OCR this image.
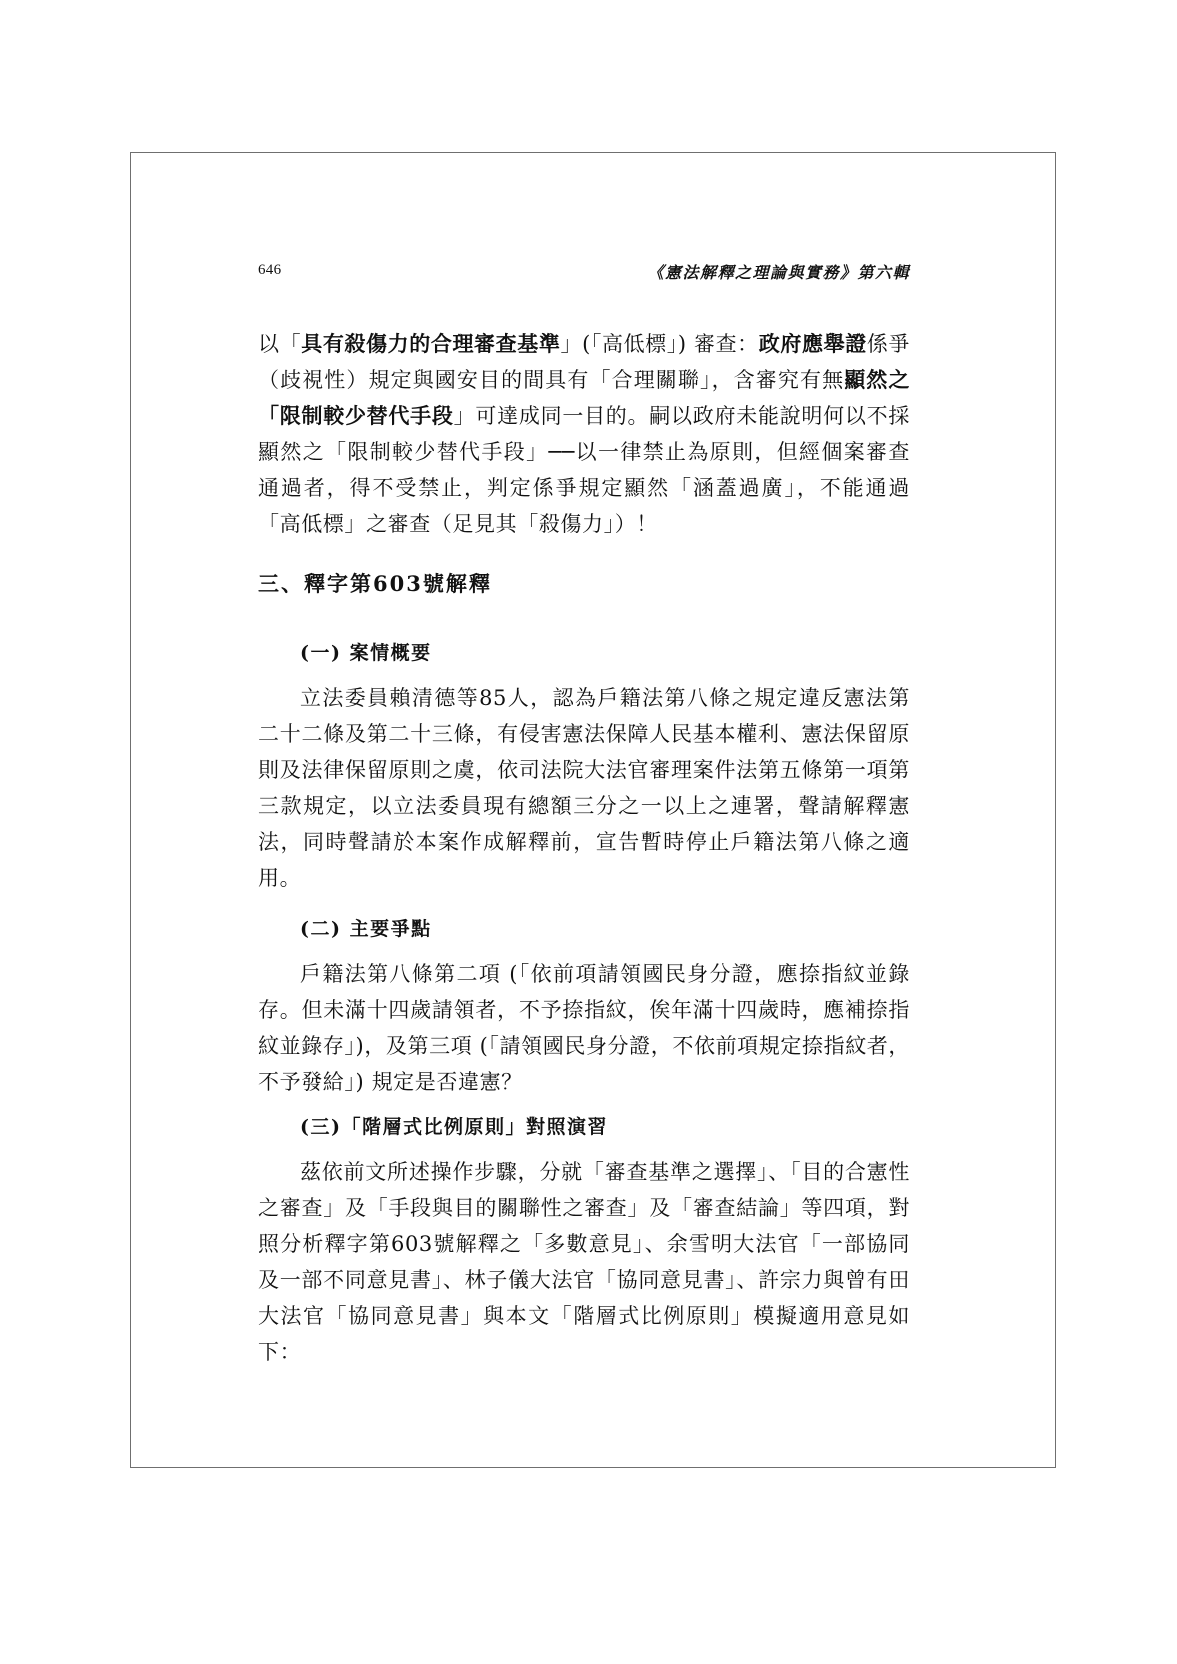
646	《憲法解釋之理論與實務》第六輯

以「具有殺傷力的合理審查基準」(「高低標」) 審查：政府應舉證係爭（歧視性）規定與國安目的間具有「合理關聯」，含審究有無顯然之「限制較少替代手段」可達成同一目的。嗣以政府未能說明何以不採顯然之「限制較少替代手段」──以一律禁止為原則，但經個案審查通過者，得不受禁止，判定係爭規定顯然「涵蓋過廣」，不能通過「高低標」之審查（足見其「殺傷力」）！

三、釋字第603號解釋
(一) 案情概要

立法委員賴清德等85人，認為戶籍法第八條之規定違反憲法第二十二條及第二十三條，有侵害憲法保障人民基本權利、憲法保留原則及法律保留原則之虞，依司法院大法官審理案件法第五條第一項第三款規定，以立法委員現有總額三分之一以上之連署，聲請解釋憲法，同時聲請於本案作成解釋前，宣告暫時停止戶籍法第八條之適用。

(二) 主要爭點

戶籍法第八條第二項 (「依前項請領國民身分證，應捺指紋並錄存。但未滿十四歲請領者，不予捺指紋，俟年滿十四歲時，應補捺指紋並錄存」)，及第三項 (「請領國民身分證，不依前項規定捺指紋者，不予發給」) 規定是否違憲？

(三)「階層式比例原則」對照演習

茲依前文所述操作步驟，分就「審查基準之選擇」、「目的合憲性之審查」及「手段與目的關聯性之審查」及「審查結論」等四項，對照分析釋字第603號解釋之「多數意見」、余雪明大法官「一部協同及一部不同意見書」、林子儀大法官「協同意見書」、許宗力與曾有田大法官「協同意見書」與本文「階層式比例原則」模擬適用意見如下：
